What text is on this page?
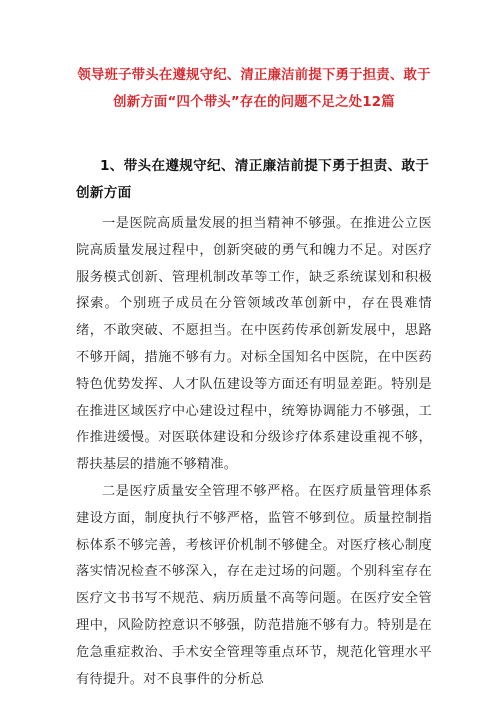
领导班子带头在遵规守纪、清正廉洁前提下勇于担责、敢于
创新方面“四个带头”存在的问题不足之处12篇
1、带头在遵规守纪、清正廉洁前提下勇于担责、敢于创新方面

一是医院高质量发展的担当精神不够强。在推进公立医院高质量发展过程中，创新突破的勇气和魄力不足。对医疗服务模式创新、管理机制改革等工作，缺乏系统谋划和积极探索。个别班子成员在分管领域改革创新中，存在畏难情绪，不敢突破、不愿担当。在中医药传承创新发展中，思路不够开阔，措施不够有力。对标全国知名中医院，在中医药特色优势发挥、人才队伍建设等方面还有明显差距。特别是在推进区域医疗中心建设过程中，统筹协调能力不够强，工作推进缓慢。对医联体建设和分级诊疗体系建设重视不够，帮扶基层的措施不够精准。

二是医疗质量安全管理不够严格。在医疗质量管理体系建设方面，制度执行不够严格，监管不够到位。质量控制指标体系不够完善，考核评价机制不够健全。对医疗核心制度落实情况检查不够深入，存在走过场的问题。个别科室存在医疗文书书写不规范、病历质量不高等问题。在医疗安全管理中，风险防控意识不够强，防范措施不够有力。特别是在危急重症救治、手术安全管理等重点环节，规范化管理水平有待提升。对不良事件的分析总
